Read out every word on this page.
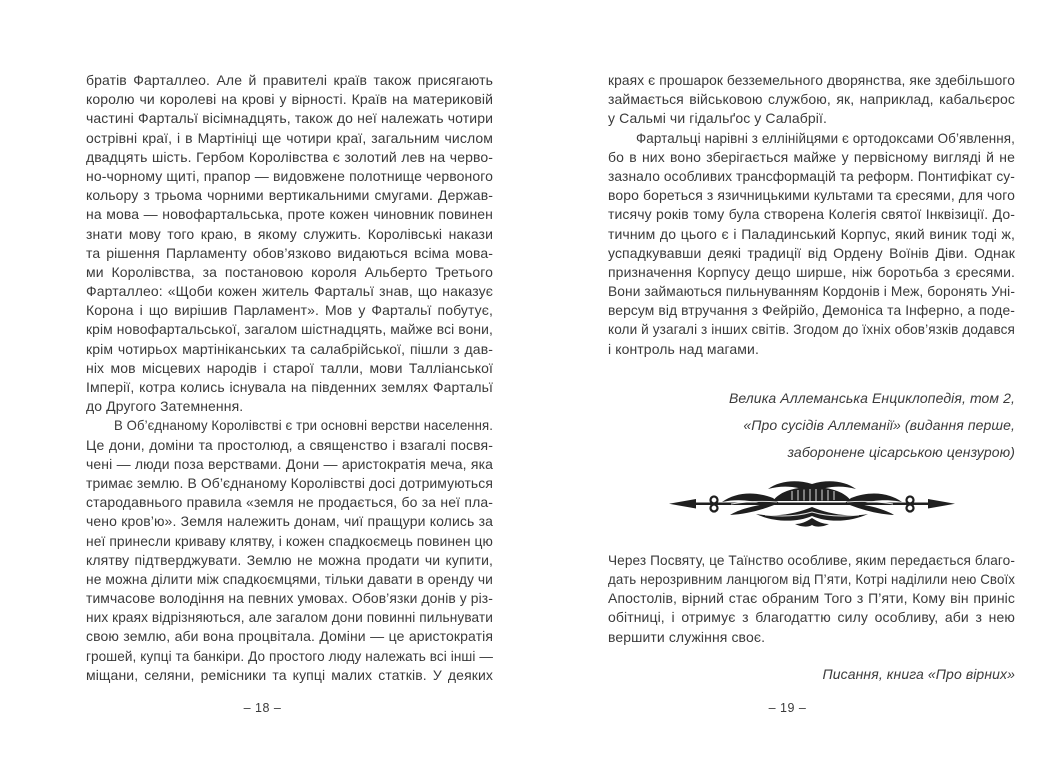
братів Фарталлео. Але й правителі країв також присягають
королю чи королеві на крові у вірності. Країв на материковій
частині Фартальї вісімнадцять, також до неї належать чотири
острівні краї, і в Мартініці ще чотири краї, загальним числом
двадцять шість. Гербом Королівства є золотий лев на черво-
но-чорному щиті, прапор — видовжене полотнище червоного
кольору з трьома чорними вертикальними смугами. Держав-
на мова — новофартальська, проте кожен чиновник повинен
знати мову того краю, в якому служить. Королівські накази
та рішення Парламенту обов’язково видаються всіма мова-
ми Королівства, за постановою короля Альберто Третього
Фарталлео: «Щоби кожен житель Фартальї знав, що наказує
Корона і що вирішив Парламент». Мов у Фартальї побутує,
крім новофартальської, загалом шістнадцять, майже всі вони,
крім чотирьох мартініканських та салабрійської, пішли з дав-
ніх мов місцевих народів і старої талли, мови Талліанської
Імперії, котра колись існувала на південних землях Фартальї
до Другого Затемнення.
В Об’єднаному Королівстві є три основні верстви населення.
Це дони, доміни та простолюд, а священство і взагалі посвя-
чені — люди поза верствами. Дони — аристократія меча, яка
тримає землю. В Об’єднаному Королівстві досі дотримуються
стародавнього правила «земля не продається, бо за неї пла-
чено кров’ю». Земля належить донам, чиї пращури колись за
неї принесли криваву клятву, і кожен спадкоємець повинен цю
клятву підтверджувати. Землю не можна продати чи купити,
не можна ділити між спадкоємцями, тільки давати в оренду чи
тимчасове володіння на певних умовах. Обов’язки донів у різ-
них краях відрізняються, але загалом дони повинні пильнувати
свою землю, аби вона процвітала. Доміни — це аристократія
грошей, купці та банкіри. До простого люду належать всі інші —
міщани, селяни, ремісники та купці малих статків. У деяких
– 18 –
краях є прошарок безземельного дворянства, яке здебільшого
займається військовою службою, як, наприклад, кабальєрос
у Сальмі чи гідальґос у Салабрії.
Фартальці нарівні з еллінійцями є ортодоксами Об’явлення,
бо в них воно зберігається майже у первісному вигляді й не
зазнало особливих трансформацій та реформ. Понтифікат су-
воро бореться з язичницькими культами та єресями, для чого
тисячу років тому була створена Колегія святої Інквізиції. До-
тичним до цього є і Паладинський Корпус, який виник тоді ж,
успадкувавши деякі традиції від Ордену Воїнів Діви. Однак
призначення Корпусу дещо ширше, ніж боротьба з єресями.
Вони займаються пильнуванням Кордонів і Меж, боронять Уні-
версум від втручання з Фейрійо, Демоніса та Інферно, а поде-
коли й узагалі з інших світів. Згодом до їхніх обов’язків додався
і контроль над магами.
Велика Аллеманська Енциклопедія, том 2,
«Про сусідів Аллеманії» (видання перше,
заборонене цісарською цензурою)
Через Посвяту, це Таїнство особливе, яким передається благо-
дать нерозривним ланцюгом від П’яти, Котрі наділили нею Своїх
Апостолів, вірний стає обраним Того з П’яти, Кому він приніс
обітниці, і отримує з благодаттю силу особливу, аби з нею
вершити служіння своє.
Писання, книга «Про вірних»
– 19 –
